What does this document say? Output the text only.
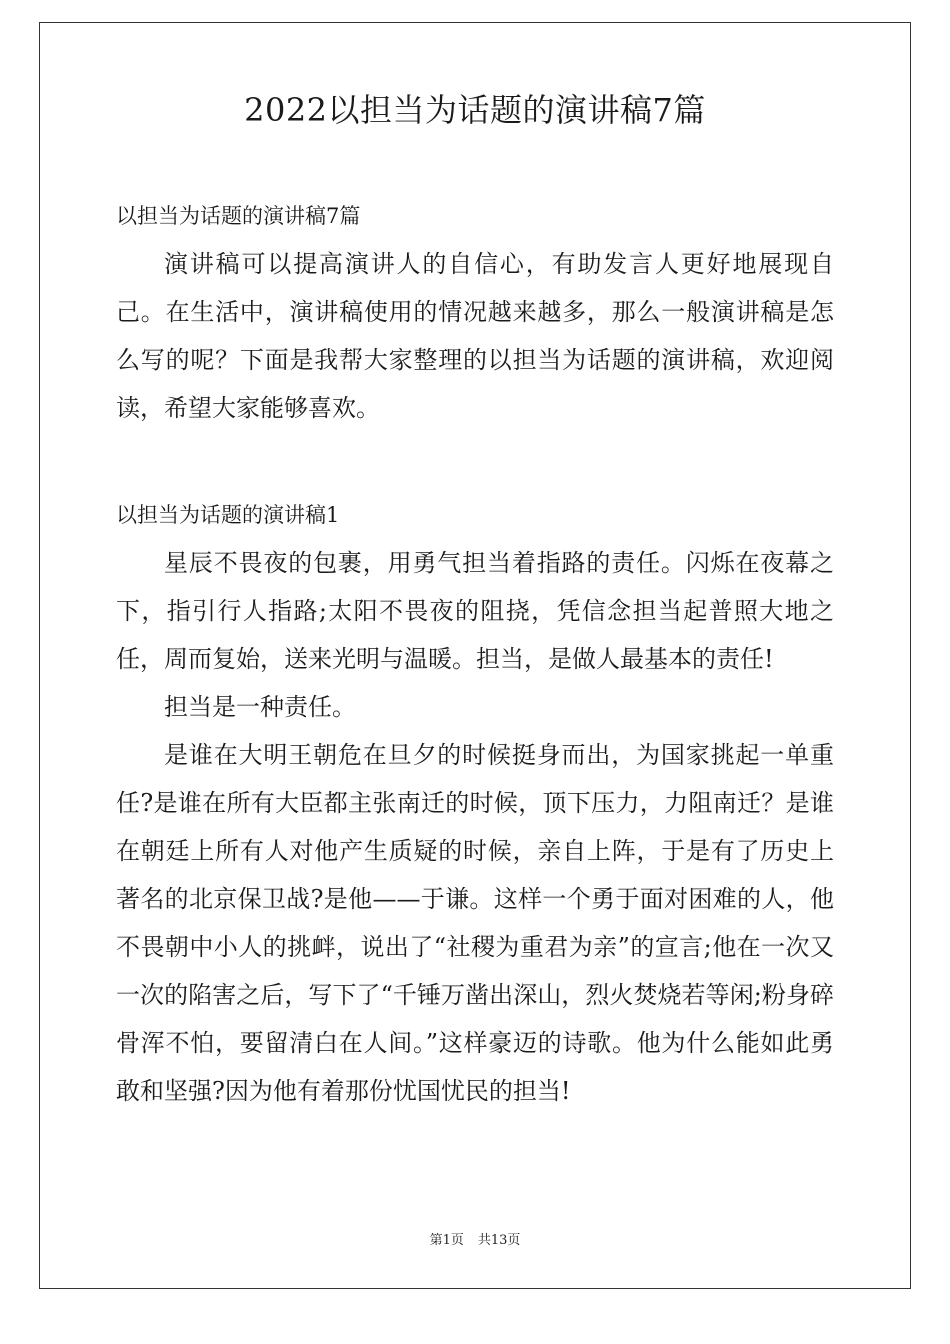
2022以担当为话题的演讲稿7篇

以担当为话题的演讲稿7篇

演讲稿可以提高演讲人的自信心，有助发言人更好地展现自己。在生活中，演讲稿使用的情况越来越多，那么一般演讲稿是怎么写的呢？下面是我帮大家整理的以担当为话题的演讲稿，欢迎阅读，希望大家能够喜欢。

以担当为话题的演讲稿1

星辰不畏夜的包裹，用勇气担当着指路的责任。闪烁在夜幕之下，指引行人指路;太阳不畏夜的阻挠，凭信念担当起普照大地之任，周而复始，送来光明与温暖。担当，是做人最基本的责任!

担当是一种责任。

是谁在大明王朝危在旦夕的时候挺身而出，为国家挑起一单重任?是谁在所有大臣都主张南迁的时候，顶下压力，力阻南迁？是谁在朝廷上所有人对他产生质疑的时候，亲自上阵，于是有了历史上著名的北京保卫战?是他——于谦。这样一个勇于面对困难的人，他不畏朝中小人的挑衅，说出了“社稷为重君为亲”的宣言;他在一次又一次的陷害之后，写下了“千锤万凿出深山，烈火焚烧若等闲;粉身碎骨浑不怕，要留清白在人间。”这样豪迈的诗歌。他为什么能如此勇敢和坚强?因为他有着那份忧国忧民的担当!

第1页 共13页
